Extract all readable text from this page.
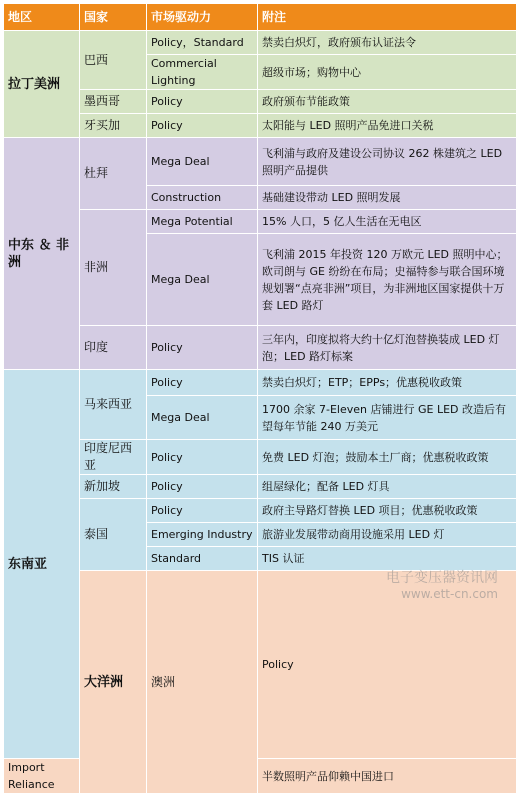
地区	国家	市场驱动力	附注	
拉丁美洲	巴西	Policy，Standard	禁卖白炽灯，政府颁布认证法令	
		Commercial Lighting	超级市场；购物中心	
	墨西哥	Policy	政府颁布节能政策	
	牙买加	Policy	太阳能与 LED 照明产品免进口关税	
中东 ＆ 非洲	杜拜	Mega Deal	飞利浦与政府及建设公司协议 262 株建筑之 LED 照明产品提供	
		Construction	基础建设带动 LED 照明发展	
	非洲	Mega Potential	15% 人口，5 亿人生活在无电区	
		Mega Deal	飞利浦 2015 年投资 120 万欧元 LED 照明中心；欧司朗与 GE 纷纷在布局；史福特参与联合国环境规划署“点亮非洲”项目，为非洲地区国家提供十万套 LED 路灯	
	印度	Policy	三年内，印度拟将大约十亿灯泡替换装成 LED 灯泡；LED 路灯标案	
东南亚	马来西亚	Policy	禁卖白炽灯；ETP；EPPs；优惠税收政策	
		Mega Deal	1700 余家 7-Eleven 店铺进行 GE LED 改造后有望每年节能 240 万美元	
	印度尼西亚	Policy	免费 LED 灯泡；鼓励本土厂商；优惠税收政策	
	新加坡	Policy	组屋绿化；配备 LED 灯具	
	泰国	Policy	政府主导路灯替换 LED 项目；优惠税收政策	
		Emerging Industry	旅游业发展带动商用设施采用 LED 灯	
		Standard	TIS 认证	
	大洋洲	澳洲	Policy	
Import Reliance			半数照明产品仰赖中国进口	
电子变压器资讯网
www.ett-cn.com
